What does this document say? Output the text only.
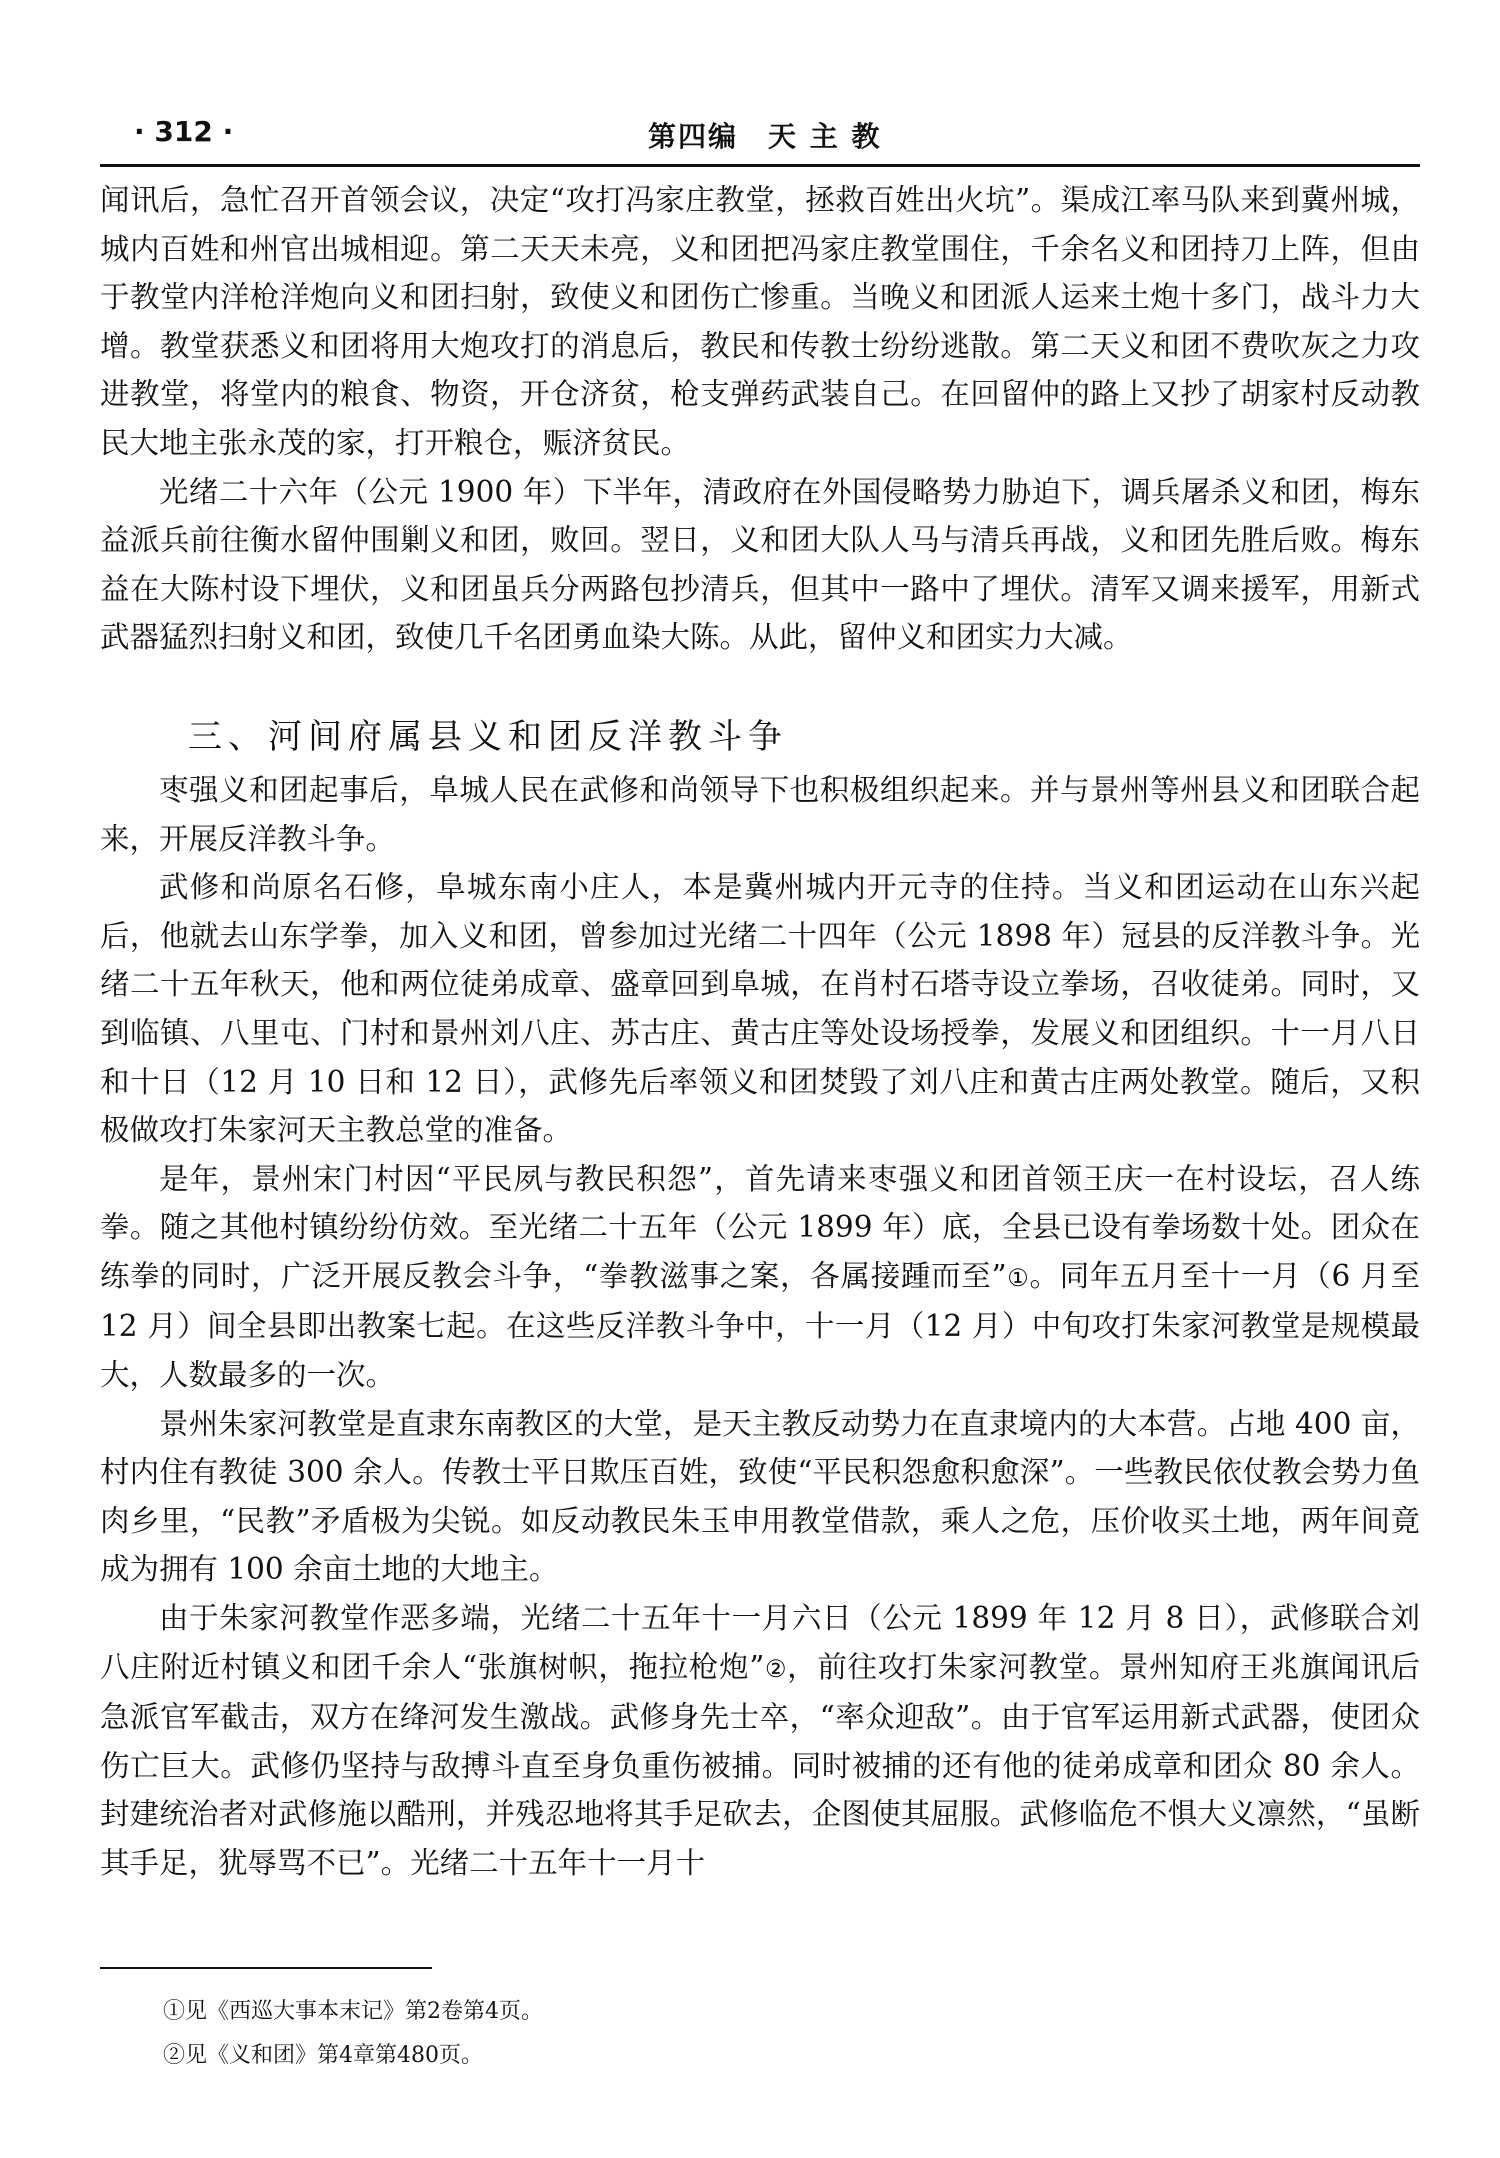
· 312 ·	第四编　天 主 教

闻讯后，急忙召开首领会议，决定“攻打冯家庄教堂，拯救百姓出火坑”。渠成江率马队来到冀州城，城内百姓和州官出城相迎。第二天天未亮，义和团把冯家庄教堂围住，千余名义和团持刀上阵，但由于教堂内洋枪洋炮向义和团扫射，致使义和团伤亡惨重。当晚义和团派人运来土炮十多门，战斗力大增。教堂获悉义和团将用大炮攻打的消息后，教民和传教士纷纷逃散。第二天义和团不费吹灰之力攻进教堂，将堂内的粮食、物资，开仓济贫，枪支弹药武装自己。在回留仲的路上又抄了胡家村反动教民大地主张永茂的家，打开粮仓，赈济贫民。

光绪二十六年（公元 1900 年）下半年，清政府在外国侵略势力胁迫下，调兵屠杀义和团，梅东益派兵前往衡水留仲围剿义和团，败回。翌日，义和团大队人马与清兵再战，义和团先胜后败。梅东益在大陈村设下埋伏，义和团虽兵分两路包抄清兵，但其中一路中了埋伏。清军又调来援军，用新式武器猛烈扫射义和团，致使几千名团勇血染大陈。从此，留仲义和团实力大减。

三、河间府属县义和团反洋教斗争

枣强义和团起事后，阜城人民在武修和尚领导下也积极组织起来。并与景州等州县义和团联合起来，开展反洋教斗争。

武修和尚原名石修，阜城东南小庄人，本是冀州城内开元寺的住持。当义和团运动在山东兴起后，他就去山东学拳，加入义和团，曾参加过光绪二十四年（公元 1898 年）冠县的反洋教斗争。光绪二十五年秋天，他和两位徒弟成章、盛章回到阜城，在肖村石塔寺设立拳场，召收徒弟。同时，又到临镇、八里屯、门村和景州刘八庄、苏古庄、黄古庄等处设场授拳，发展义和团组织。十一月八日和十日（12 月 10 日和 12 日），武修先后率领义和团焚毁了刘八庄和黄古庄两处教堂。随后，又积极做攻打朱家河天主教总堂的准备。

是年，景州宋门村因“平民夙与教民积怨”，首先请来枣强义和团首领王庆一在村设坛，召人练拳。随之其他村镇纷纷仿效。至光绪二十五年（公元 1899 年）底，全县已设有拳场数十处。团众在练拳的同时，广泛开展反教会斗争，“拳教滋事之案，各属接踵而至”①。同年五月至十一月（6 月至 12 月）间全县即出教案七起。在这些反洋教斗争中，十一月（12 月）中旬攻打朱家河教堂是规模最大，人数最多的一次。

景州朱家河教堂是直隶东南教区的大堂，是天主教反动势力在直隶境内的大本营。占地 400 亩，村内住有教徒 300 余人。传教士平日欺压百姓，致使“平民积怨愈积愈深”。一些教民依仗教会势力鱼肉乡里，“民教”矛盾极为尖锐。如反动教民朱玉申用教堂借款，乘人之危，压价收买土地，两年间竟成为拥有 100 余亩土地的大地主。

由于朱家河教堂作恶多端，光绪二十五年十一月六日（公元 1899 年 12 月 8 日），武修联合刘八庄附近村镇义和团千余人“张旗树帜，拖拉枪炮”②，前往攻打朱家河教堂。景州知府王兆旗闻讯后急派官军截击，双方在绛河发生激战。武修身先士卒，“率众迎敌”。由于官军运用新式武器，使团众伤亡巨大。武修仍坚持与敌搏斗直至身负重伤被捕。同时被捕的还有他的徒弟成章和团众 80 余人。封建统治者对武修施以酷刑，并残忍地将其手足砍去，企图使其屈服。武修临危不惧大义凛然，“虽断其手足，犹辱骂不已”。光绪二十五年十一月十

①见《西巡大事本末记》第2卷第4页。
②见《义和团》第4章第480页。
